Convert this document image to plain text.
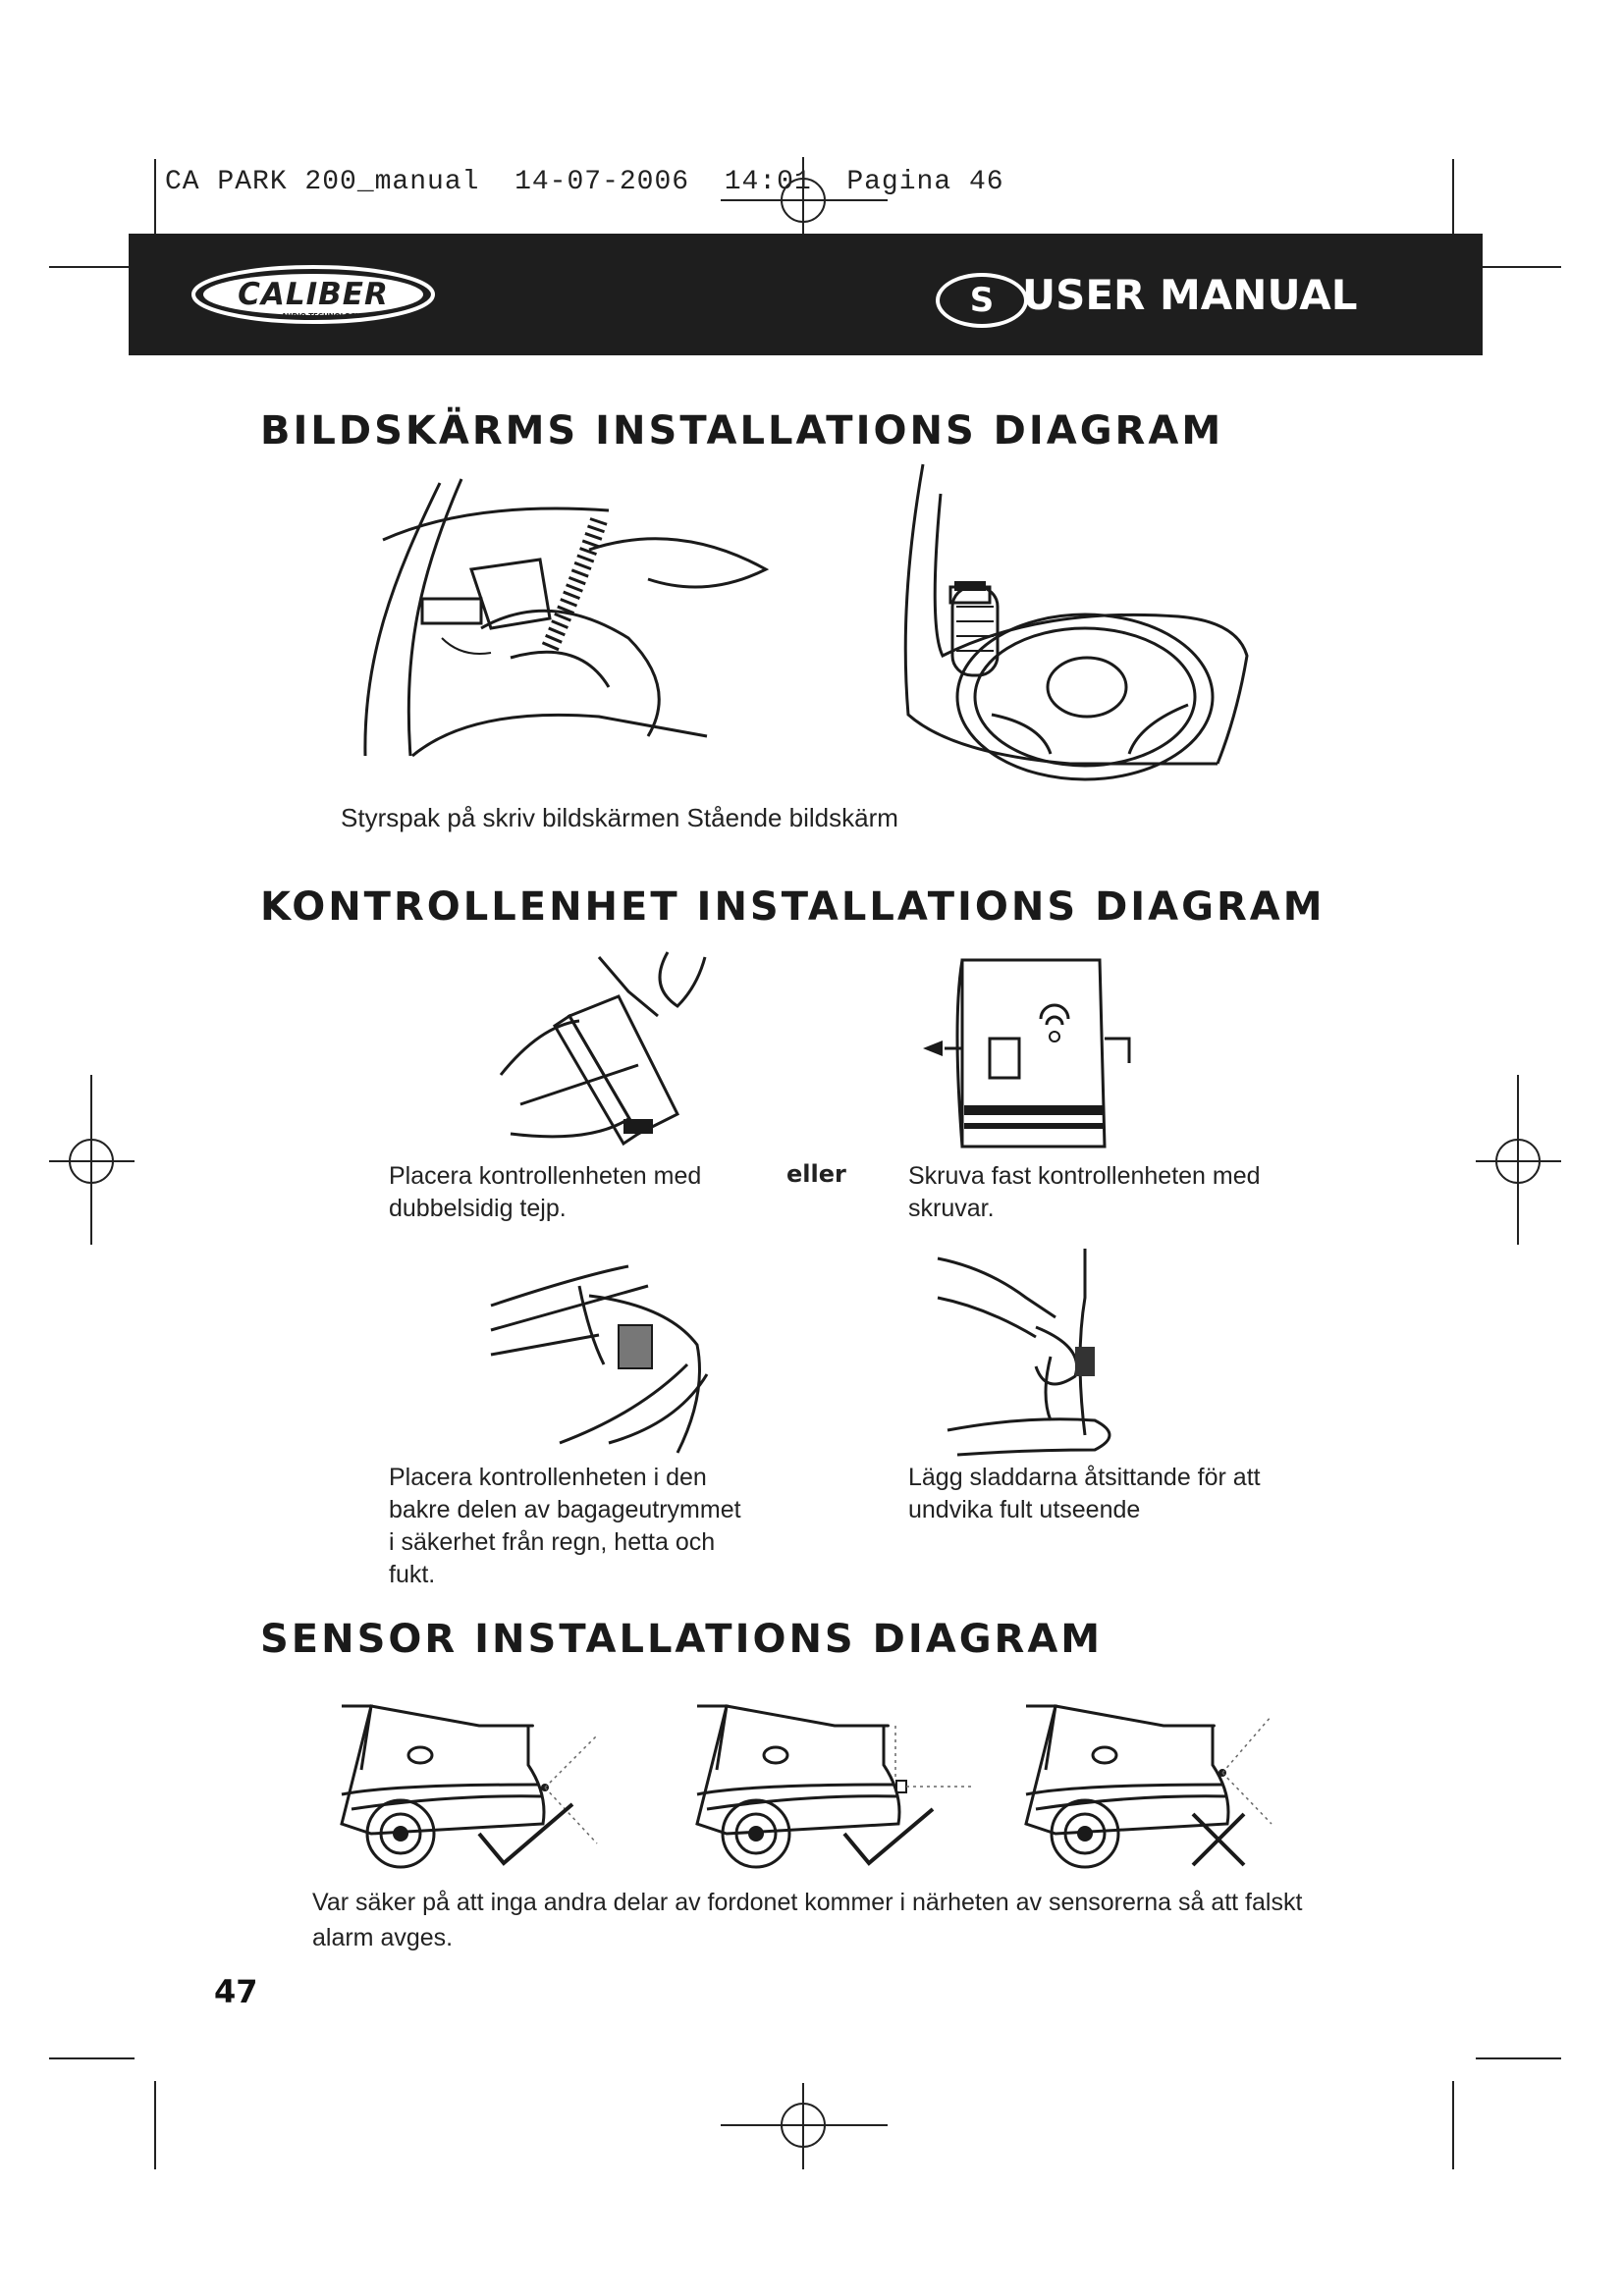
CA PARK 200_manual 14-07-2006 14:01 Pagina 46
CALIBER
AUDIO TECHNOLOGY	S USER MANUAL
BILDSKÄRMS INSTALLATIONS DIAGRAM
Styrspak på skriv bildskärmen Stående bildskärm
KONTROLLENHET INSTALLATIONS DIAGRAM
Placera kontrollenheten med dubbelsidig tejp.
eller	Skruva fast kontrollenheten med skruvar.
Placera kontrollenheten i den bakre delen av bagageutrymmet i säkerhet från regn, hetta och fukt.
Lägg sladdarna åtsittande för att undvika fult utseende
SENSOR INSTALLATIONS DIAGRAM
Var säker på att inga andra delar av fordonet kommer i närheten av sensorerna så att falskt alarm avges.
47
